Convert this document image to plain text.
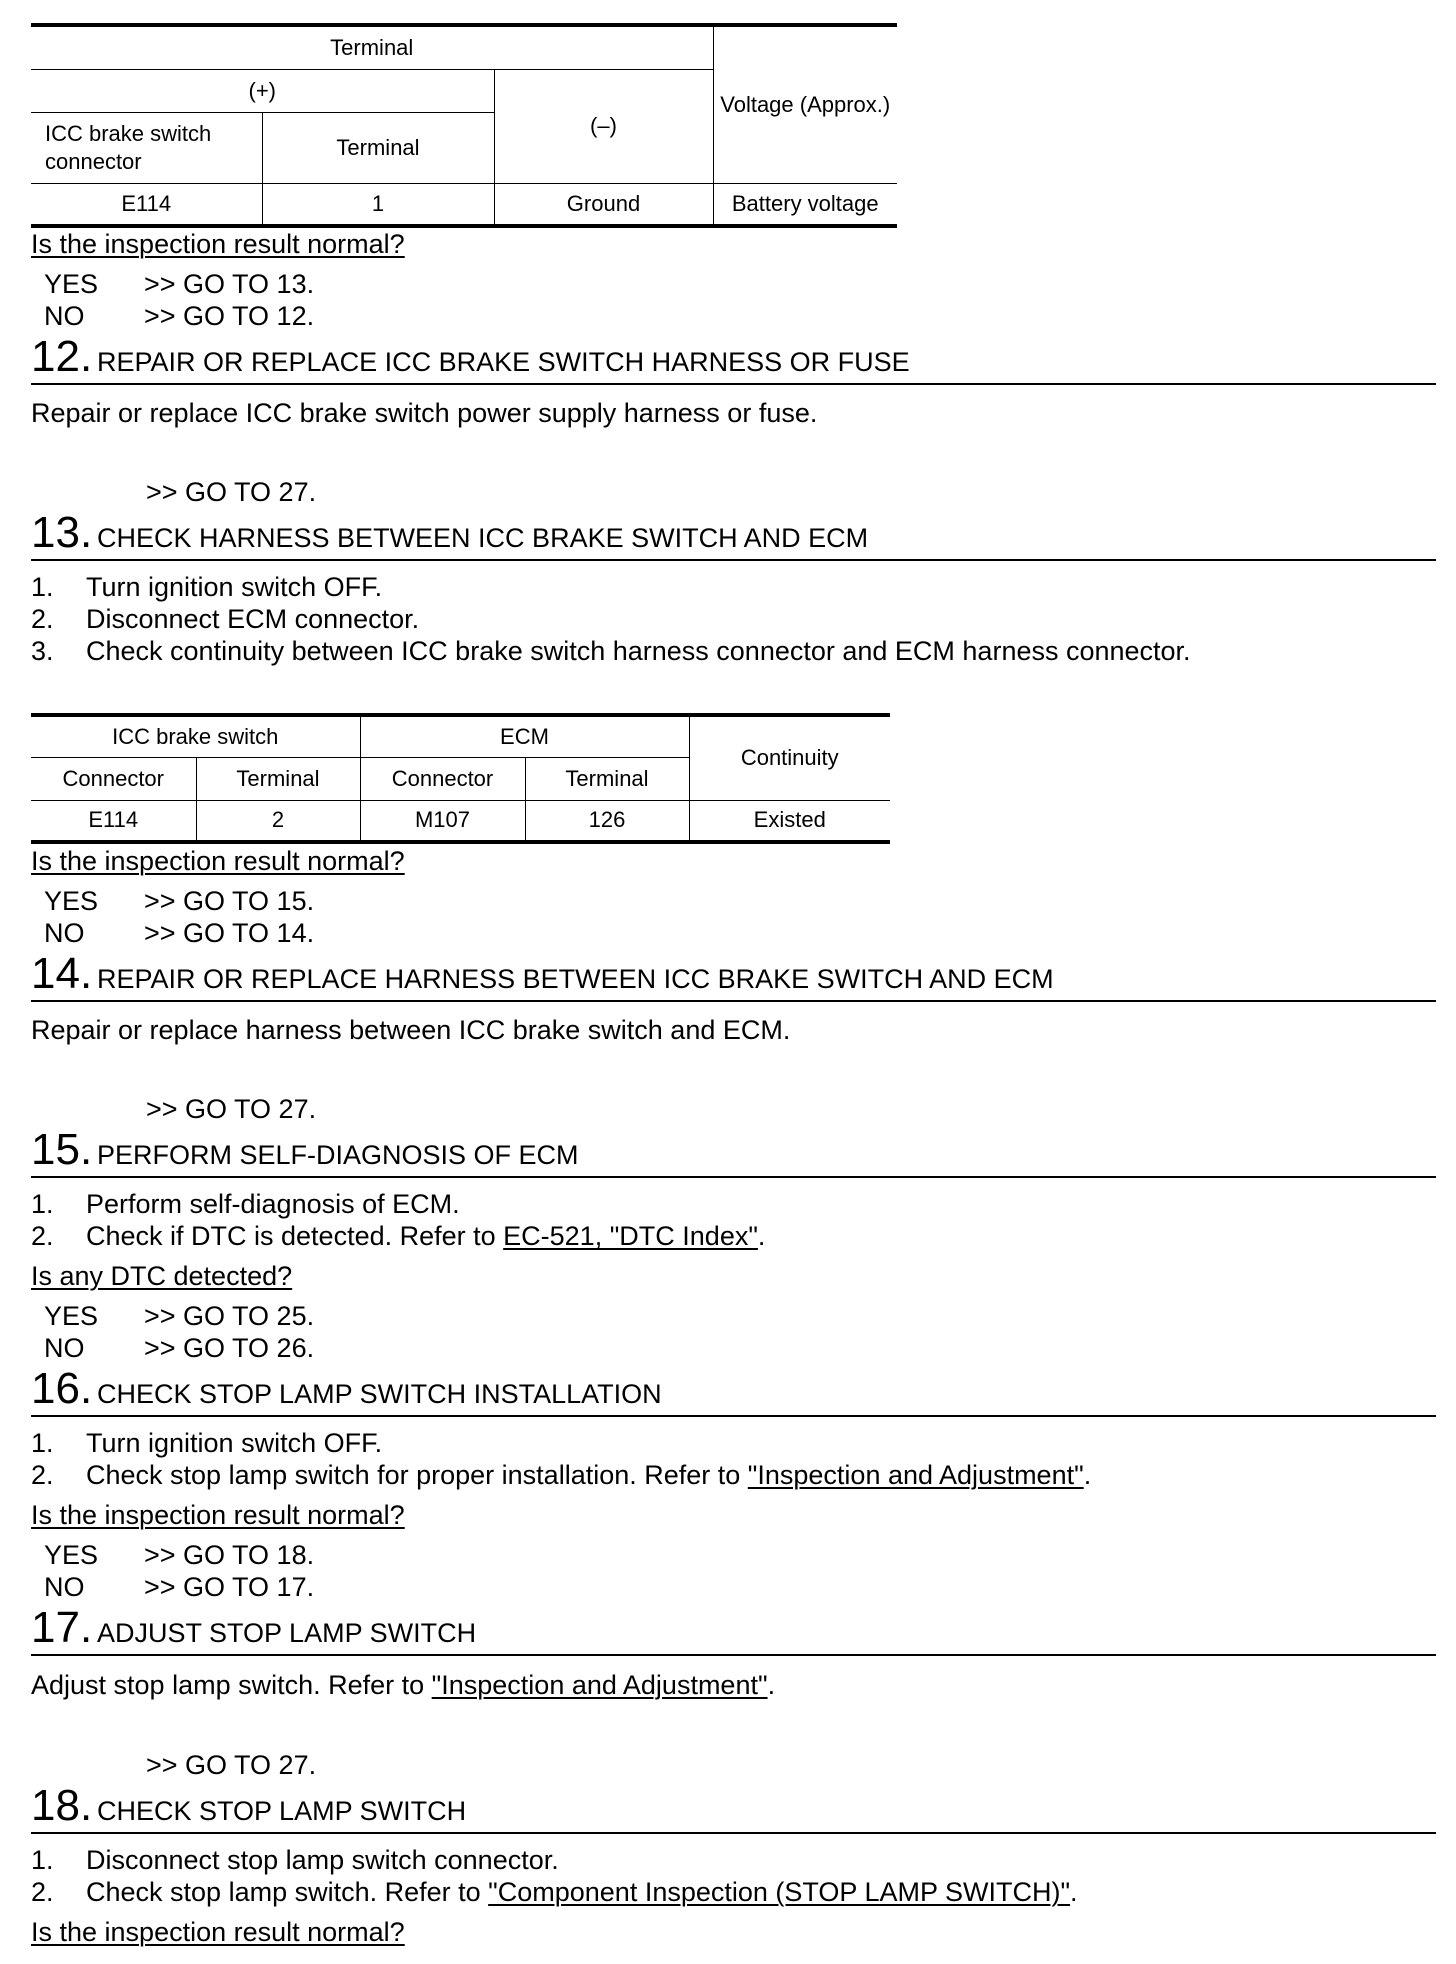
Terminal			Voltage (Approx.)
(+)		(–)	
ICC brake switch connector	Terminal		
E114	1	Ground	Battery voltage
Is the inspection result normal?
YES >> GO TO 13.
NO >> GO TO 12.
12. REPAIR OR REPLACE ICC BRAKE SWITCH HARNESS OR FUSE
Repair or replace ICC brake switch power supply harness or fuse.
>> GO TO 27.
13. CHECK HARNESS BETWEEN ICC BRAKE SWITCH AND ECM
1. Turn ignition switch OFF.
2. Disconnect ECM connector.
3. Check continuity between ICC brake switch harness connector and ECM harness connector.
ICC brake switch		ECM		Continuity
Connector	Terminal	Connector	Terminal	
E114	2	M107	126	Existed
Is the inspection result normal?
YES >> GO TO 15.
NO >> GO TO 14.
14. REPAIR OR REPLACE HARNESS BETWEEN ICC BRAKE SWITCH AND ECM
Repair or replace harness between ICC brake switch and ECM.
>> GO TO 27.
15. PERFORM SELF-DIAGNOSIS OF ECM
1. Perform self-diagnosis of ECM.
2. Check if DTC is detected. Refer to EC-521, "DTC Index".
Is any DTC detected?
YES >> GO TO 25.
NO >> GO TO 26.
16. CHECK STOP LAMP SWITCH INSTALLATION
1. Turn ignition switch OFF.
2. Check stop lamp switch for proper installation. Refer to "Inspection and Adjustment".
Is the inspection result normal?
YES >> GO TO 18.
NO >> GO TO 17.
17. ADJUST STOP LAMP SWITCH
Adjust stop lamp switch. Refer to "Inspection and Adjustment".
>> GO TO 27.
18. CHECK STOP LAMP SWITCH
1. Disconnect stop lamp switch connector.
2. Check stop lamp switch. Refer to "Component Inspection (STOP LAMP SWITCH)".
Is the inspection result normal?
